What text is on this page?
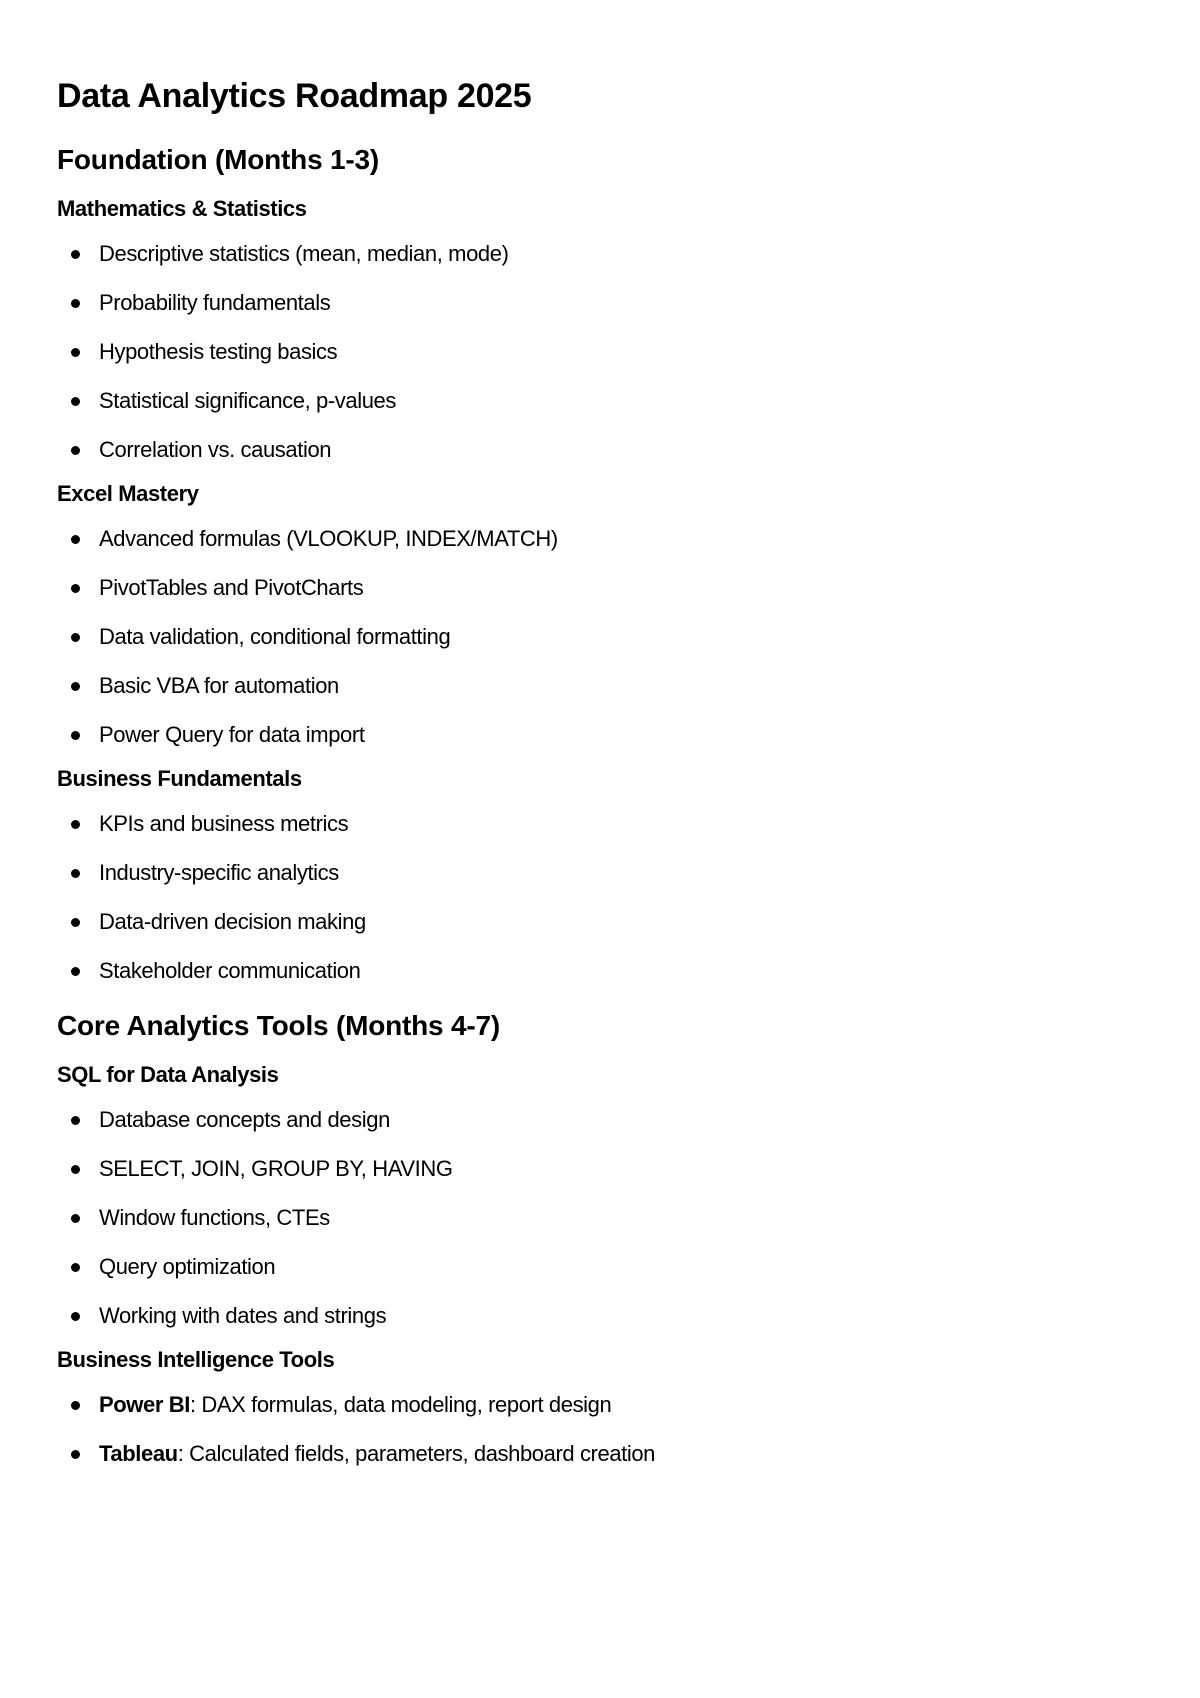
Data Analytics Roadmap 2025
Foundation (Months 1-3)
Mathematics & Statistics
Descriptive statistics (mean, median, mode)
Probability fundamentals
Hypothesis testing basics
Statistical significance, p-values
Correlation vs. causation
Excel Mastery
Advanced formulas (VLOOKUP, INDEX/MATCH)
PivotTables and PivotCharts
Data validation, conditional formatting
Basic VBA for automation
Power Query for data import
Business Fundamentals
KPIs and business metrics
Industry-specific analytics
Data-driven decision making
Stakeholder communication
Core Analytics Tools (Months 4-7)
SQL for Data Analysis
Database concepts and design
SELECT, JOIN, GROUP BY, HAVING
Window functions, CTEs
Query optimization
Working with dates and strings
Business Intelligence Tools
Power BI: DAX formulas, data modeling, report design
Tableau: Calculated fields, parameters, dashboard creation
